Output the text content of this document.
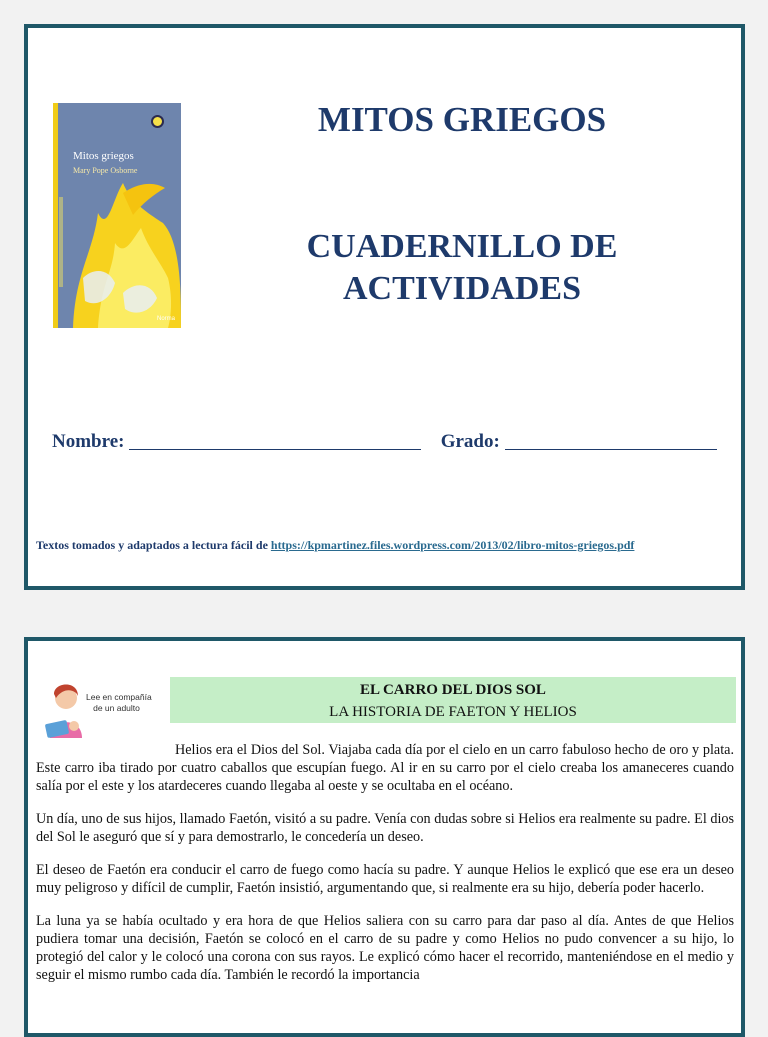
Mitos griegos
Mary Pope Osborne
Norma
MITOS GRIEGOS
CUADERNILLO DE
ACTIVIDADES
Nombre:	Grado:
Textos tomados y adaptados a lectura fácil de https://kpmartinez.files.wordpress.com/2013/02/libro-mitos-griegos.pdf
Lee en compañía
de un adulto
EL CARRO DEL DIOS SOL
LA HISTORIA DE FAETON Y HELIOS

Helios era el Dios del Sol. Viajaba cada día por el cielo en un carro fabuloso hecho de oro y plata. Este carro iba tirado por cuatro caballos que escupían fuego. Al ir en su carro por el cielo creaba los amaneceres cuando salía por el este y los atardeceres cuando llegaba al oeste y se ocultaba en el océano.

Un día, uno de sus hijos, llamado Faetón, visitó a su padre. Venía con dudas sobre si Helios era realmente su padre. El dios del Sol le aseguró que sí y para demostrarlo, le concedería un deseo.

El deseo de Faetón era conducir el carro de fuego como hacía su padre. Y aunque Helios le explicó que ese era un deseo muy peligroso y difícil de cumplir, Faetón insistió, argumentando que, si realmente era su hijo, debería poder hacerlo.

La luna ya se había ocultado y era hora de que Helios saliera con su carro para dar paso al día. Antes de que Helios pudiera tomar una decisión, Faetón se colocó en el carro de su padre y como Helios no pudo convencer a su hijo, lo protegió del calor y le colocó una corona con sus rayos. Le explicó cómo hacer el recorrido, manteniéndose en el medio y seguir el mismo rumbo cada día. También le recordó la importancia
